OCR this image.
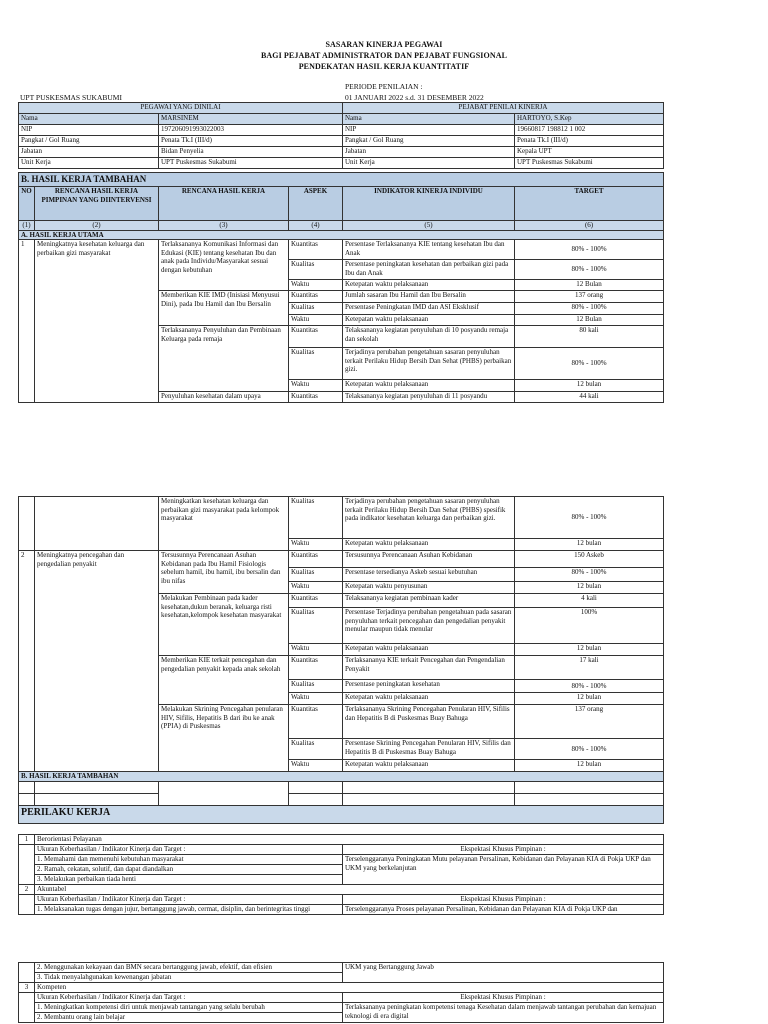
SASARAN KINERJA PEGAWAI
BAGI PEJABAT ADMINISTRATOR DAN PEJABAT FUNGSIONAL
PENDEKATAN HASIL KERJA KUANTITATIF
PERIODE PENILAIAN :
UPT PUSKESMAS SUKABUMI	01 JANUARI 2022 s.d. 31 DESEMBER 2022
PEGAWAI YANG DINILAI		PEJABAT PENILAI KINERJA	
Nama	MARSINEM	Nama	HARTOYO, S.Kep
NIP	197206091993022003	NIP	19660817 198812 1 002
Pangkat / Gol Ruang	Penata Tk.I (III/d)	Pangkat / Gol Ruang	Penata Tk.I (III/d)
Jabatan	Bidan Penyelia	Jabatan	Kepala UPT
Unit Kerja	UPT Puskesmas Sukabumi	Unit Kerja	UPT Puskesmas Sukabumi
B. HASIL KERJA TAMBAHAN					
NO	RENCANA HASIL KERJA PIMPINAN YANG DIINTERVENSI	RENCANA HASIL KERJA	ASPEK	INDIKATOR KINERJA INDIVIDU	TARGET
(1)	(2)	(3)	(4)	(5)	(6)
A. HASIL KERJA UTAMA					
1	Meningkatnya kesehatan keluarga dan perbaikan gizi masyarakat	Terlaksananya Komunikasi Informasi dan Edukasi (KIE) tentang kesehatan Ibu dan anak pada Individu/Masyarakat sesuai dengan kebutuhan	Kuantitas	Persentase Terlaksananya KIE tentang kesehatan Ibu dan Anak	80% - 100%
			Kualitas	Persentase peningkatan kesehatan dan perbaikan gizi pada Ibu dan Anak	80% - 100%
			Waktu	Ketepatan waktu pelaksanaan	12 Bulan
		Memberikan KIE IMD (Inisiasi Menyusui Dini), pada Ibu Hamil dan Ibu Bersalin	Kuantitas	Jumlah sasaran Ibu Hamil dan Ibu Bersalin	137 orang
			Kualitas	Persentase Peningkatan IMD dan ASI Eksklusif	80% - 100%
			Waktu	Ketepatan waktu pelaksanaan	12 Bulan
		Terlaksananya Penyuluhan dan Pembinaan Keluarga pada remaja	Kuantitas	Telaksananya kegiatan penyuluhan di 10 posyandu remaja dan sekolah	80 kali
			Kualitas	Terjadinya perubahan pengetahuan sasaran penyuluhan terkait Perilaku Hidup Bersih Dan Sehat (PHBS) perbaikan gizi.	80% - 100%
			Waktu	Ketepatan waktu pelaksanaan	12 bulan
		Penyuluhan kesehatan dalam upaya	Kuantitas	Telaksananya kegiatan penyuluhan di 11 posyandu	44 kali
		Meningkatkan kesehatan keluarga dan perbaikan gizi masyarakat pada kelompok masyarakat	Kualitas	Terjadinya perubahan pengetahuan sasaran penyuluhan terkait Perilaku Hidup Bersih Dan Sehat (PHBS) spesifik pada indikator kesehatan keluarga dan perbaikan gizi.	80% - 100%
			Waktu	Ketepatan waktu pelaksanaan	12 bulan
2	Meningkatnya pencegahan dan pengedalian penyakit	Tersusunnya Perencanaan Asuhan Kebidanan pada Ibu Hamil Fisiologis sebelum hamil, ibu hamil, ibu bersalin dan ibu nifas	Kuantitas	Tersusunnya Perencanaan Asuhan Kebidanan	150 Askeb
			Kualitas	Persentase tersedianya Askeb sesuai kebutuhan	80% - 100%
			Waktu	Ketepatan waktu penyusunan	12 bulan
		Melakukan Pembinaan pada kader kesehatan,dukun beranak, keluarga risti kesehatan,kelompok kesehatan masyarakat	Kuantitas	Telaksananya kegiatan pembinaan kader	4 kali
			Kualitas	Persentase Terjadinya perubahan pengetahuan pada sasaran penyuluhan terkait pencegahan dan pengedalian penyakit menular maupun tidak menular	100%
			Waktu	Ketepatan waktu pelaksanaan	12 bulan
		Memberikan KIE terkait pencegahan dan pengedalian penyakit kepada anak sekolah	Kuantitas	Terlaksananya KIE terkait Pencegahan dan Pengendalian Penyakit	17 kali
			Kualitas	Persentase peningkatan kesehatan	80% - 100%
			Waktu	Ketepatan waktu pelaksanaan	12 bulan
		Melakukan Skrining Pencegahan penularan HIV, Sifilis, Hepatitis B dari ibu ke anak (PPIA) di Puskesmas	Kuantitas	Terlaksananya Skrining Pencegahan Penularan HIV, Sifilis dan Hepatitis B di Puskesmas Buay Bahuga	137 orang
			Kualitas	Persentase Skrining Pencegahan Penularan HIV, Sifilis dan Hepatitis B di Puskesmas Buay Bahuga	80% - 100%
			Waktu	Ketepatan waktu pelaksanaan	12 bulan
B. HASIL KERJA TAMBAHAN					

PERILAKU KERJA					
1	Berorientasi Pelayanan	
	Ukuran Keberhasilan / Indikator Kinerja dan Target :	Ekspektasi Khusus Pimpinan :
	1. Memahami dan memenuhi kebutuhan masyarakat	Terselenggaranya Peningkatan Mutu pelayanan Persalinan, Kebidanan dan Pelayanan KIA di Pokja UKP dan UKM yang berkelanjutan
	2. Ramah, cekatan, solutif, dan dapat diandalkan	
	3. Melakukan perbaikan tiada henti	
2	Akuntabel	
	Ukuran Keberhasilan / Indikator Kinerja dan Target :	Ekspektasi Khusus Pimpinan :
	1. Melaksanakan tugas dengan jujur, bertanggung jawab, cermat, disiplin, dan berintegritas tinggi	Terselenggaranya Proses pelayanan Persalinan, Kebidanan dan Pelayanan KIA di Pokja UKP dan
	2. Menggunakan kekayaan dan BMN secara bertanggung jawab, efektif, dan efisien	UKM yang Bertanggung Jawab
	3. Tidak menyalahgunakan kewenangan jabatan	
3	Kompeten	
	Ukuran Keberhasilan / Indikator Kinerja dan Target :	Ekspektasi Khusus Pimpinan :
	1. Meningkatkan kompetensi diri untuk menjawab tantangan yang selalu berubah	Terlaksananya peningkatan kompetensi tenaga Kesehatan dalam menjawab tantangan perubahan dan kemajuan teknologi di era digital
	2. Membantu orang lain belajar	
